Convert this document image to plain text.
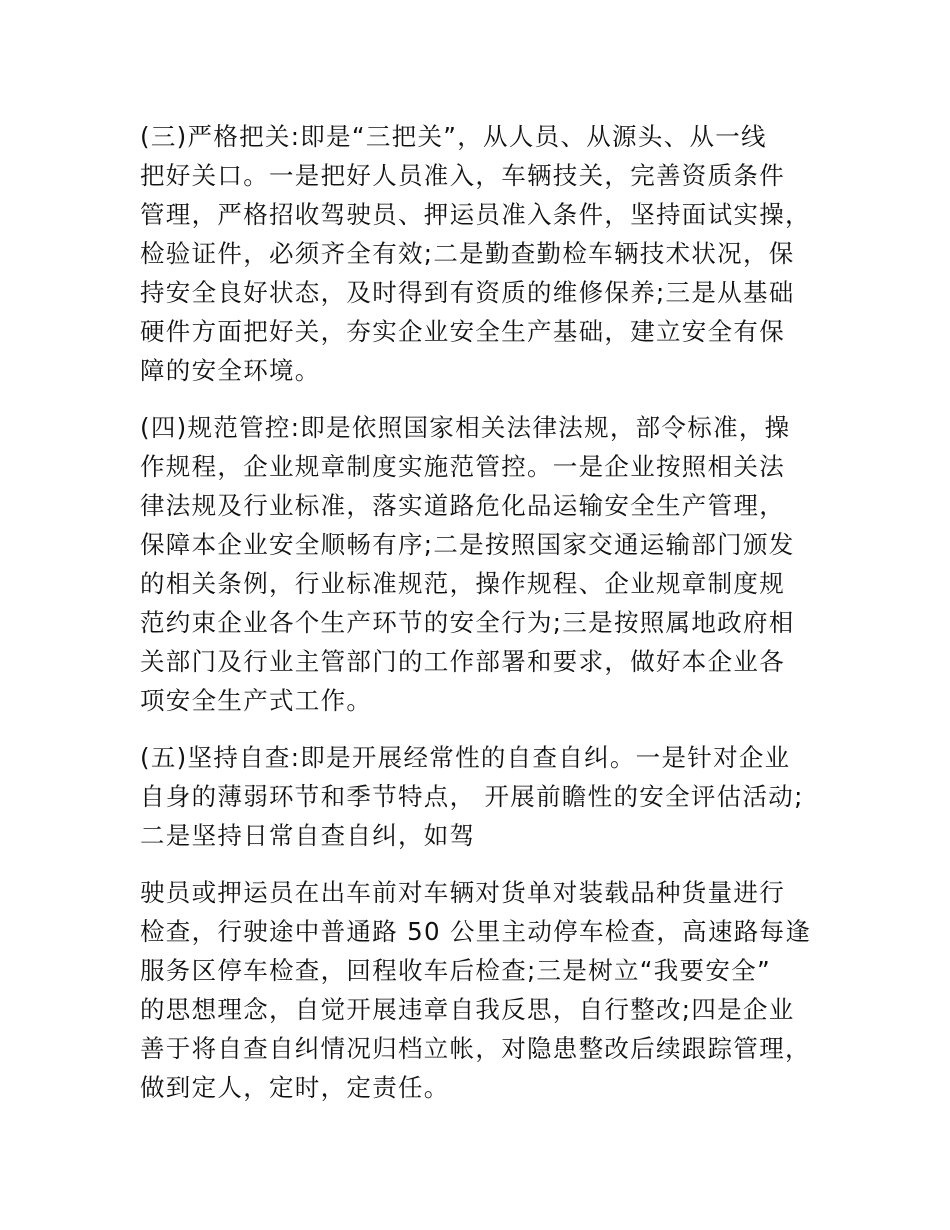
(三)严格把关:即是“三把关”，从人员、从源头、从一线
把好关口。一是把好人员准入，车辆技关，完善资质条件
管理，严格招收驾驶员、押运员准入条件，坚持面试实操，
检验证件，必须齐全有效;二是勤查勤检车辆技术状况，保
持安全良好状态，及时得到有资质的维修保养;三是从基础
硬件方面把好关，夯实企业安全生产基础，建立安全有保
障的安全环境。

(四)规范管控:即是依照国家相关法律法规，部令标准，操
作规程，企业规章制度实施范管控。一是企业按照相关法
律法规及行业标准，落实道路危化品运输安全生产管理，
保障本企业安全顺畅有序;二是按照国家交通运输部门颁发
的相关条例，行业标准规范，操作规程、企业规章制度规
范约束企业各个生产环节的安全行为;三是按照属地政府相
关部门及行业主管部门的工作部署和要求，做好本企业各
项安全生产式工作。

(五)坚持自查:即是开展经常性的自查自纠。一是针对企业
自身的薄弱环节和季节特点， 开展前瞻性的安全评估活动;
二是坚持日常自查自纠，如驾

驶员或押运员在出车前对车辆对货单对装载品种货量进行
检查，行驶途中普通路 50 公里主动停车检查，高速路每逢
服务区停车检查，回程收车后检查;三是树立“我要安全”
的思想理念，自觉开展违章自我反思，自行整改;四是企业
善于将自查自纠情况归档立帐，对隐患整改后续跟踪管理，
做到定人，定时，定责任。
